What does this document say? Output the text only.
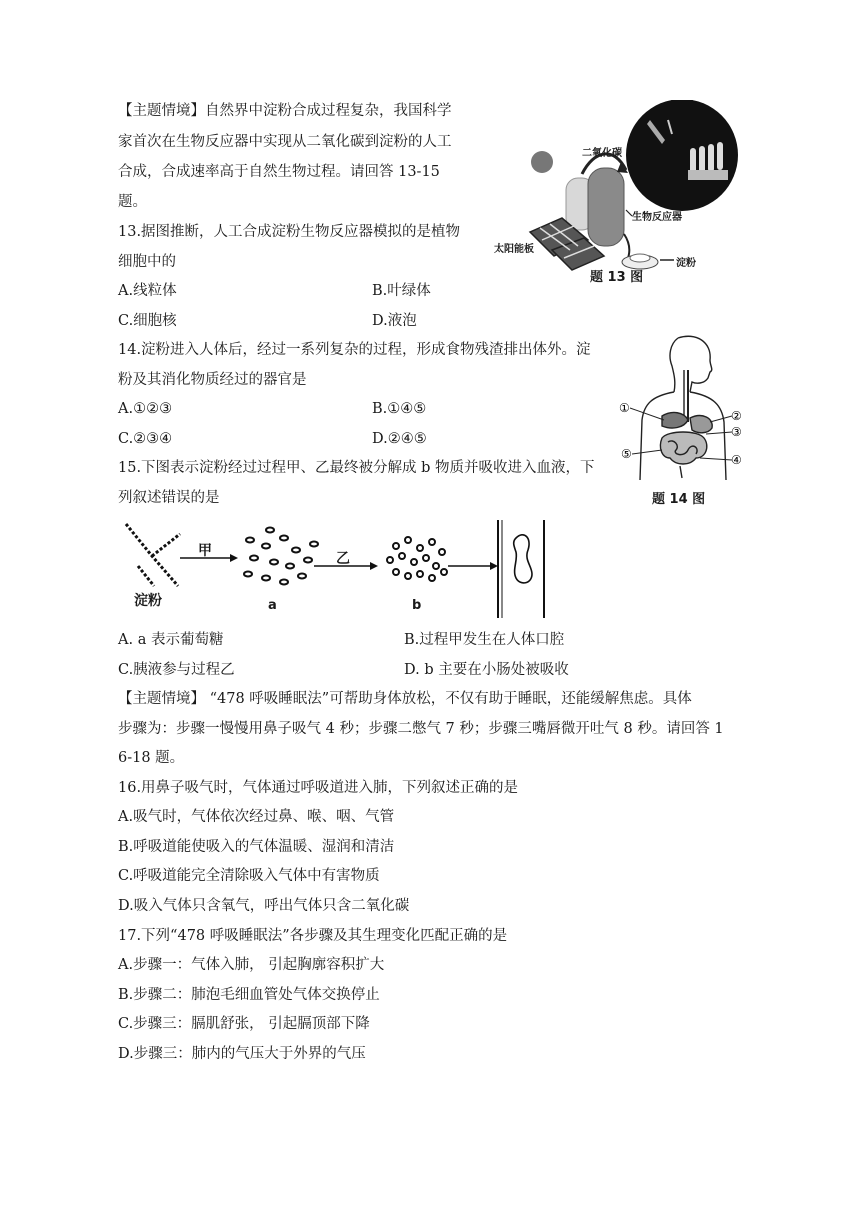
【主题情境】自然界中淀粉合成过程复杂，我国科学
家首次在生物反应器中实现从二氧化碳到淀粉的人工
合成，合成速率高于自然生物过程。请回答 13-15
题。
13.据图推断，人工合成淀粉生物反应器模拟的是植物
细胞中的
A.线粒体	B.叶绿体
C.细胞核	D.液泡
二氧化碳
生物反应器
太阳能板
淀粉
题 13 图
14.淀粉进入人体后，经过一系列复杂的过程，形成食物残渣排出体外。淀
粉及其消化物质经过的器官是
A.①②③	B.①④⑤
C.②③④	D.②④⑤
①
②
③
④
⑤
题 14 图
15.下图表示淀粉经过过程甲、乙最终被分解成 b 物质并吸收进入血液，下
列叙述错误的是
淀粉
甲	乙
a	b
A. a 表示葡萄糖	B.过程甲发生在人体口腔
C.胰液参与过程乙	D. b 主要在小肠处被吸收
【主题情境】 “478 呼吸睡眠法”可帮助身体放松，不仅有助于睡眠，还能缓解焦虑。具体
步骤为：步骤一慢慢用鼻子吸气 4 秒；步骤二憋气 7 秒；步骤三嘴唇微开吐气 8 秒。请回答 1
6-18 题。
16.用鼻子吸气时，气体通过呼吸道进入肺，下列叙述正确的是
A.吸气时，气体依次经过鼻、喉、咽、气管
B.呼吸道能使吸入的气体温暖、湿润和清洁
C.呼吸道能完全清除吸入气体中有害物质
D.吸入气体只含氧气，呼出气体只含二氧化碳
17.下列“478 呼吸睡眠法”各步骤及其生理变化匹配正确的是
A.步骤一：气体入肺， 引起胸廓容积扩大
B.步骤二：肺泡毛细血管处气体交换停止
C.步骤三：膈肌舒张， 引起膈顶部下降
D.步骤三：肺内的气压大于外界的气压
